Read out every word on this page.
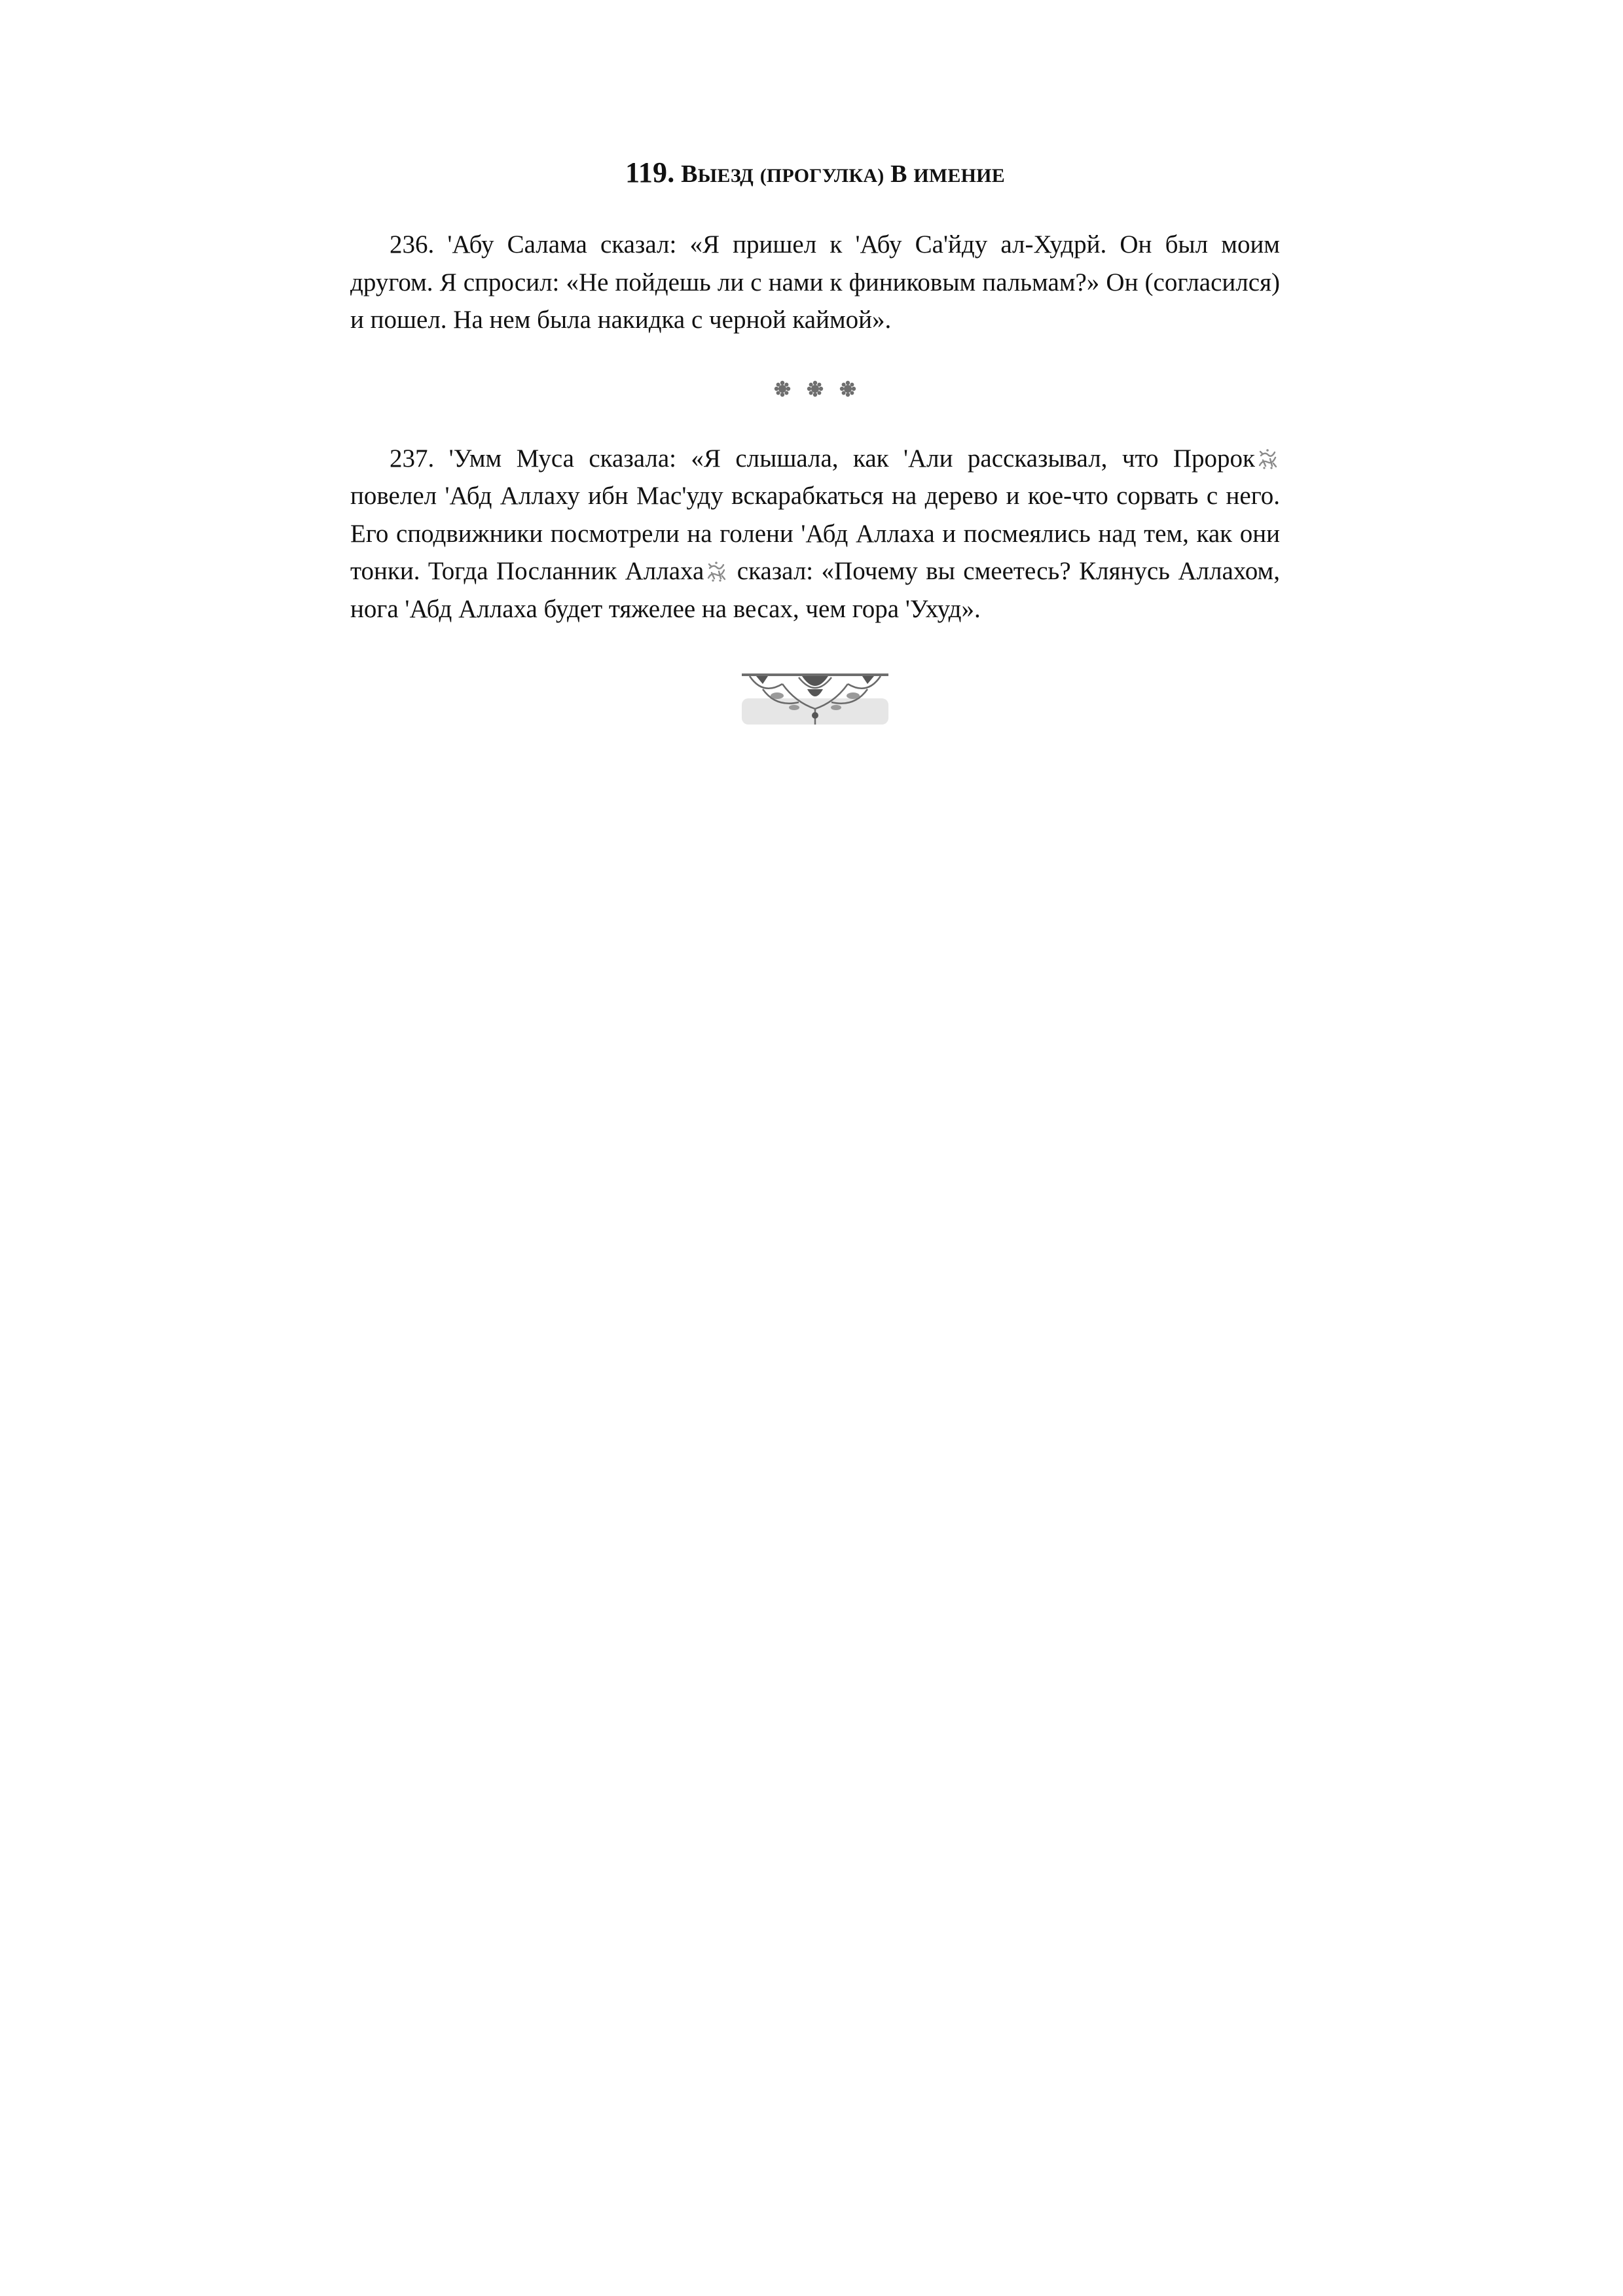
119. ВЫЕЗД (ПРОГУЛКА) В ИМЕНИЕ

236. 'Абу Салама сказал: «Я пришел к 'Абу Са'йду ал-Худрй. Он был моим другом. Я спросил: «Не пойдешь ли с нами к финиковым пальмам?» Он (согласился) и пошел. На нем была накидка с черной каймой».

237. 'Умм Муса сказала: «Я слышала, как 'Али рассказывал, что Пророк повелел 'Абд Аллаху ибн Мас'уду вскарабкаться на дерево и кое-что сорвать с него. Его сподвижники посмотрели на голени 'Абд Аллаха и посмеялись над тем, как они тонки. Тогда Посланник Аллаха сказал: «Почему вы смеетесь? Клянусь Аллахом, нога 'Абд Аллаха будет тяжелее на весах, чем гора 'Ухуд».
